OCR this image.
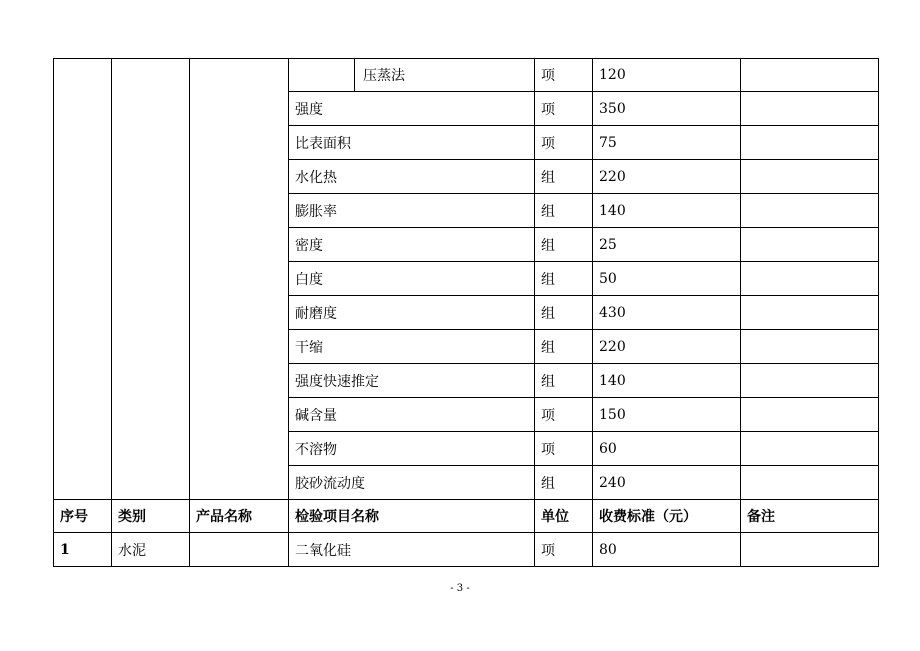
				压蒸法	项	120	
			强度		项	350	
			比表面积		项	75	
			水化热		组	220	
			膨胀率		组	140	
			密度		组	25	
			白度		组	50	
			耐磨度		组	430	
			干缩		组	220	
			强度快速推定		组	140	
			碱含量		项	150	
			不溶物		项	60	
			胶砂流动度		组	240	
序号	类别	产品名称	检验项目名称		单位	收费标准（元）	备注
1	水泥		二氧化硅		项	80	
- 3 -
